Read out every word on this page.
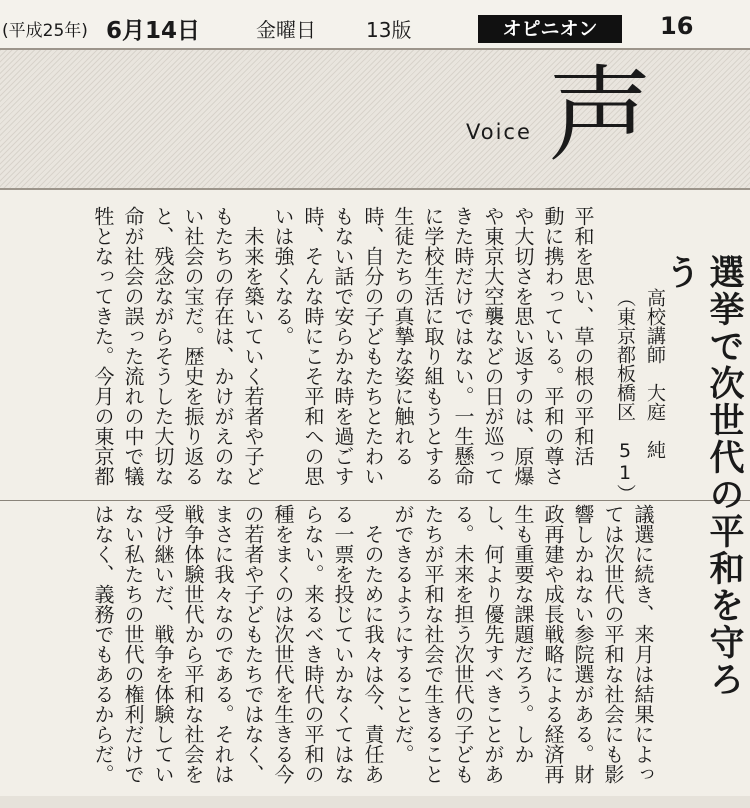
(平成25年) 6月14日	金曜日	13版	オピニオン	16
Voice 声
選挙で次世代の平和を守ろう
高校講師　大庭　純 （東京都板橋区　51）
平和を思い、草の根の平和活
動に携わっている。平和の尊さ
や大切さを思い返すのは、原爆
や東京大空襲などの日が巡って
きた時だけではない。一生懸命
に学校生活に取り組もうとする
生徒たちの真摯な姿に触れる
時、自分の子どもたちとたわい
もない話で安らかな時を過ごす
時、そんな時にこそ平和への思
いは強くなる。
　未来を築いていく若者や子ど
もたちの存在は、かけがえのな
い社会の宝だ。歴史を振り返る
と、残念ながらそうした大切な
命が社会の誤った流れの中で犠
牲となってきた。今月の東京都
議選に続き、来月は結果によっ
ては次世代の平和な社会にも影
響しかねない参院選がある。財
政再建や成長戦略による経済再
生も重要な課題だろう。しか
し、何より優先すべきことがあ
る。未来を担う次世代の子ども
たちが平和な社会で生きること
ができるようにすることだ。
　そのために我々は今、責任あ
る一票を投じていかなくてはな
らない。来るべき時代の平和の
種をまくのは次世代を生きる今
の若者や子どもたちではなく、
まさに我々なのである。それは
戦争体験世代から平和な社会を
受け継いだ、戦争を体験してい
ない私たちの世代の権利だけで
はなく、義務でもあるからだ。
